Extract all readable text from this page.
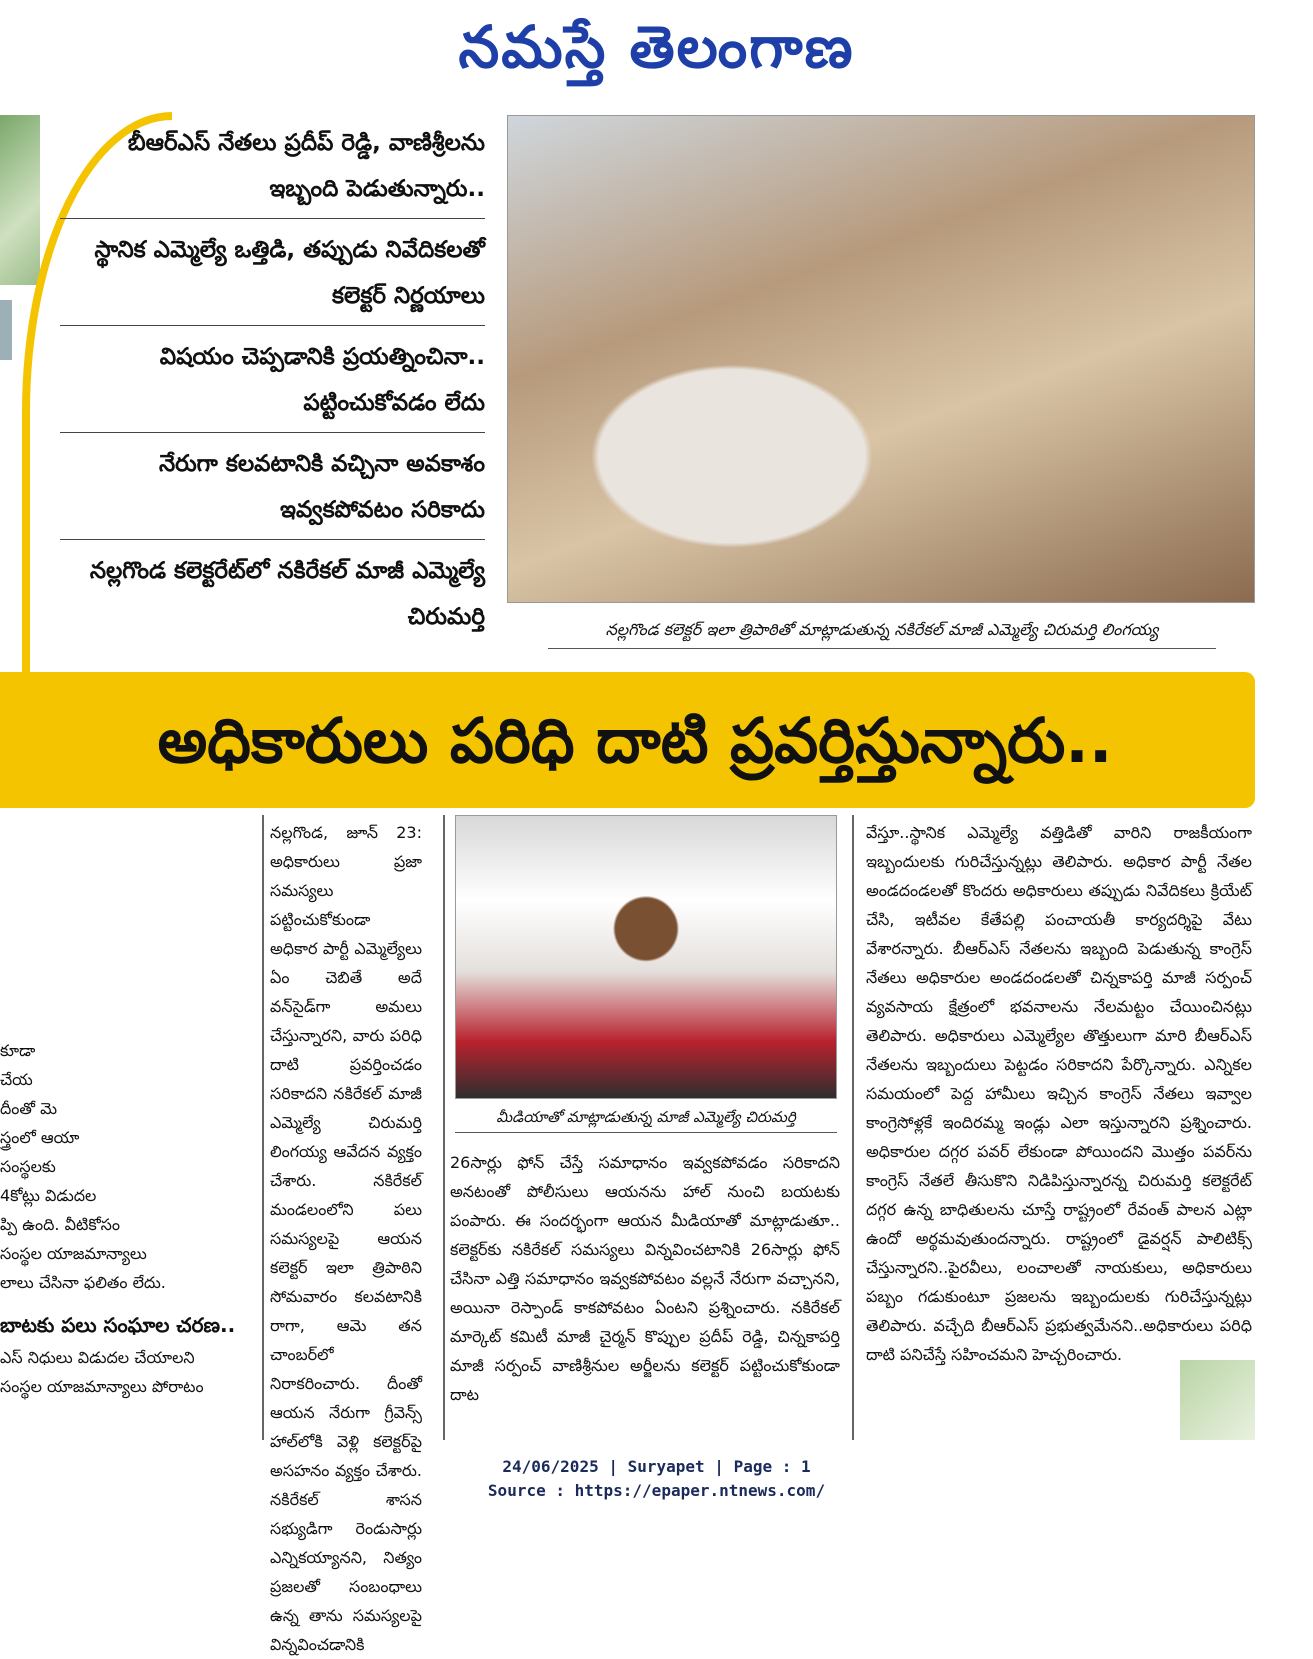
నమస్తే తెలంగాణ
బీఆర్ఎస్ నేతలు ప్రదీప్ రెడ్డి, వాణిశ్రీలను ఇబ్బంది పెడుతున్నారు..
స్థానిక ఎమ్మెల్యే ఒత్తిడి, తప్పుడు నివేదికలతో కలెక్టర్ నిర్ణయాలు
విషయం చెప్పడానికి ప్రయత్నించినా.. పట్టించుకోవడం లేదు
నేరుగా కలవటానికి వచ్చినా అవకాశం ఇవ్వకపోవటం సరికాదు
నల్లగొండ కలెక్టరేట్‌లో నకిరేకల్ మాజీ ఎమ్మెల్యే చిరుమర్తి	నల్లగొండ కలెక్టర్ ఇలా త్రిపాఠితో మాట్లాడుతున్న నకిరేకల్ మాజీ ఎమ్మెల్యే చిరుమర్తి లింగయ్య
అధికారులు పరిధి దాటి ప్రవర్తిస్తున్నారు..
కూడా
చేయ
దీంతో మె
స్త్రంలో ఆయా
సంస్థలకు
4కోట్లు విడుదల
ప్పి ఉంది. వీటికోసం
సంస్థల యాజమాన్యాలు
లాలు చేసినా ఫలితం లేదు.
బాటకు పలు సంఘాల చరణ..
ఎస్ నిధులు విడుదల చేయాలని
సంస్థల యాజమాన్యాలు పోరాటం

నల్లగొండ, జూన్ 23: అధికారులు ప్రజా సమస్యలు పట్టించుకోకుండా అధికార పార్టీ ఎమ్మెల్యేలు ఏం చెబితే అదే వన్‌సైడ్‌గా అమలు చేస్తున్నారని, వారు పరిధి దాటి ప్రవర్తించడం సరికాదని నకిరేకల్ మాజీ ఎమ్మెల్యే చిరుమర్తి లింగయ్య ఆవేదన వ్యక్తం చేశారు. నకిరేకల్ మండలంలోని పలు సమస్యలపై ఆయన కలెక్టర్ ఇలా త్రిపాఠిని సోమవారం కలవటానికి రాగా, ఆమె తన చాంబర్‌లో నిరాకరించారు. దీంతో ఆయన నేరుగా గ్రీవెన్స్ హాల్‌లోకి వెళ్లి కలెక్టర్‌పై అసహనం వ్యక్తం చేశారు. నకిరేకల్ శాసన సభ్యుడిగా రెండుసార్లు ఎన్నికయ్యానని, నిత్యం ప్రజలతో సంబంధాలు ఉన్న తాను సమస్యలపై విన్నవించడానికి

మీడియాతో మాట్లాడుతున్న మాజీ ఎమ్మెల్యే చిరుమర్తి

26సార్లు ఫోన్ చేస్తే సమాధానం ఇవ్వకపోవడం సరికాదని అనటంతో పోలీసులు ఆయనను హాల్ నుంచి బయటకు పంపారు. ఈ సందర్భంగా ఆయన మీడియాతో మాట్లాడుతూ.. కలెక్టర్‌కు నకిరేకల్ సమస్యలు విన్నవించటానికి 26సార్లు ఫోన్ చేసినా ఎత్తి సమాధానం ఇవ్వకపోవటం వల్లనే నేరుగా వచ్చానని, అయినా రెస్పాండ్ కాకపోవటం ఏంటని ప్రశ్నించారు. నకిరేకల్ మార్కెట్ కమిటీ మాజీ చైర్మన్ కొప్పుల ప్రదీప్ రెడ్డి, చిన్నకాపర్తి మాజీ సర్పంచ్ వాణిశ్రీనుల అర్జీలను కలెక్టర్ పట్టించుకోకుండా దాట

వేస్తూ..స్థానిక ఎమ్మెల్యే వత్తిడితో వారిని రాజకీయంగా ఇబ్బందులకు గురిచేస్తున్నట్లు తెలిపారు. అధికార పార్టీ నేతల అండదండలతో కొందరు అధికారులు తప్పుడు నివేదికలు క్రియేట్ చేసి, ఇటీవల కేతేపల్లి పంచాయతీ కార్యదర్శిపై వేటు వేశారన్నారు. బీఆర్ఎస్ నేతలను ఇబ్బంది పెడుతున్న కాంగ్రెస్ నేతలు అధికారుల అండదండలతో చిన్నకాపర్తి మాజీ సర్పంచ్ వ్యవసాయ క్షేత్రంలో భవనాలను నేలమట్టం చేయించినట్లు తెలిపారు. అధికారులు ఎమ్మెల్యేల తొత్తులుగా మారి బీఆర్ఎస్ నేతలను ఇబ్బందులు పెట్టడం సరికాదని పేర్కొన్నారు. ఎన్నికల సమయంలో పెద్ద హామీలు ఇచ్చిన కాంగ్రెస్ నేతలు ఇవ్వాల కాంగ్రెసోళ్లకే ఇందిరమ్మ ఇండ్లు ఎలా ఇస్తున్నారని ప్రశ్నించారు. అధికారుల దగ్గర పవర్ లేకుండా పోయిందని మొత్తం పవర్‌ను కాంగ్రెస్ నేతలే తీసుకొని నిడిపిస్తున్నారన్న చిరుమర్తి కలెక్టరేట్ దగ్గర ఉన్న బాధితులను చూస్తే రాష్ట్రంలో రేవంత్ పాలన ఎట్లా ఉందో అర్థమవుతుందన్నారు. రాష్ట్రంలో డైవర్షన్ పాలిటిక్స్ చేస్తున్నారని..పైరవీలు, లంచాలతో నాయకులు, అధికారులు పబ్బం గడుకుంటూ ప్రజలను ఇబ్బందులకు గురిచేస్తున్నట్లు తెలిపారు. వచ్చేది బీఆర్ఎస్ ప్రభుత్వమేనని..అధికారులు పరిధి దాటి పనిచేస్తే సహించమని హెచ్చరించారు.

24/06/2025 | Suryapet | Page : 1
Source : https://epaper.ntnews.com/
